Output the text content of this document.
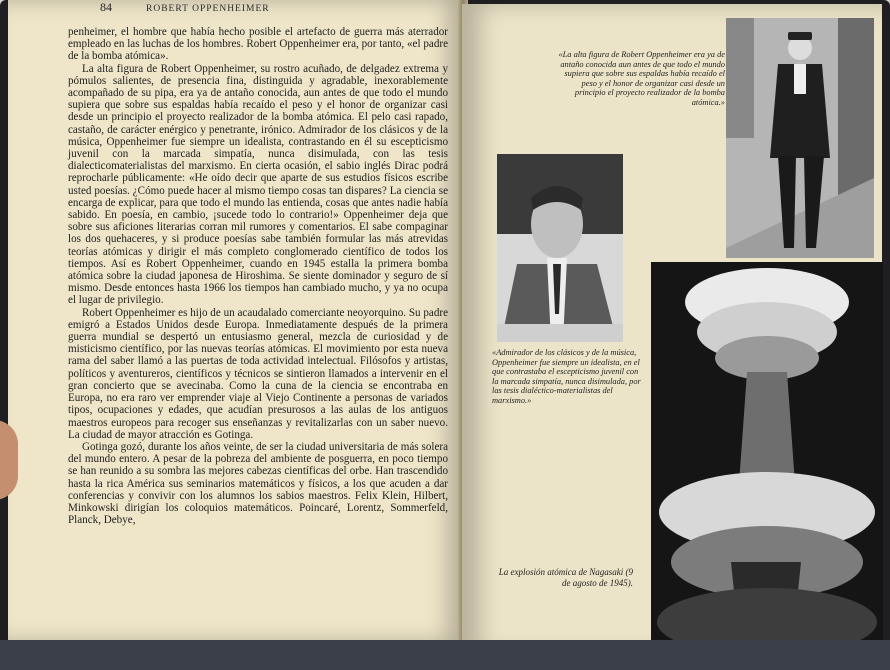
84	ROBERT OPPENHEIMER

penheimer, el hombre que había hecho posible el artefacto de guerra más aterrador empleado en las luchas de los hombres. Robert Oppenheimer era, por tanto, «el padre de la bomba atómica».

La alta figura de Robert Oppenheimer, su rostro acuñado, de delgadez extrema y pómulos salientes, de presencia fina, distinguida y agradable, inexorablemente acompañado de su pipa, era ya de antaño conocida, aun antes de que todo el mundo supiera que sobre sus espaldas había recaído el peso y el honor de organizar casi desde un principio el proyecto realizador de la bomba atómica. El pelo casi rapado, castaño, de carácter enérgico y penetrante, irónico. Admirador de los clásicos y de la música, Oppenheimer fue siempre un idealista, contrastando en él su escepticismo juvenil con la marcada simpatía, nunca disimulada, con las tesis dialecticomaterialistas del marxismo. En cierta ocasión, el sabio inglés Dirac podrá reprocharle públicamente: «He oído decir que aparte de sus estudios físicos escribe usted poesías. ¿Cómo puede hacer al mismo tiempo cosas tan dispares? La ciencia se encarga de explicar, para que todo el mundo las entienda, cosas que antes nadie había sabido. En poesía, en cambio, ¡sucede todo lo contrario!» Oppenheimer deja que sobre sus aficiones literarias corran mil rumores y comentarios. El sabe compaginar los dos quehaceres, y si produce poesías sabe también formular las más atrevidas teorías atómicas y dirigir el más completo conglomerado científico de todos los tiempos. Así es Robert Oppenheimer, cuando en 1945 estalla la primera bomba atómica sobre la ciudad japonesa de Hiroshima. Se siente dominador y seguro de sí mismo. Desde entonces hasta 1966 los tiempos han cambiado mucho, y ya no ocupa el lugar de privilegio.

Robert Oppenheimer es hijo de un acaudalado comerciante neoyorquino. Su padre emigró a Estados Unidos desde Europa. Inmediatamente después de la primera guerra mundial se despertó un entusiasmo general, mezcla de curiosidad y de misticismo científico, por las nuevas teorías atómicas. El movimiento por esta nueva rama del saber llamó a las puertas de toda actividad intelectual. Filósofos y artistas, políticos y aventureros, científicos y técnicos se sintieron llamados a intervenir en el gran concierto que se avecinaba. Como la cuna de la ciencia se encontraba en Europa, no era raro ver emprender viaje al Viejo Continente a personas de variados tipos, ocupaciones y edades, que acudían presurosos a las aulas de los antiguos maestros europeos para recoger sus enseñanzas y revitalizarlas con un saber nuevo. La ciudad de mayor atracción es Gotinga.

Gotinga gozó, durante los años veinte, de ser la ciudad universitaria de más solera del mundo entero. A pesar de la pobreza del ambiente de posguerra, en poco tiempo se han reunido a su sombra las mejores cabezas científicas del orbe. Han trascendido hasta la rica América sus seminarios matemáticos y físicos, a los que acuden a dar conferencias y convivir con los alumnos los sabios maestros. Felix Klein, Hilbert, Minkowski dirigían los coloquios matemáticos. Poincaré, Lorentz, Sommerfeld, Planck, Debye,

«La alta figura de Robert Oppenheimer era ya de antaño conocida aun antes de que todo el mundo supiera que sobre sus espaldas había recaído el peso y el honor de organizar casi desde un principio el proyecto realizador de la bomba atómica.»
«Admirador de los clásicos y de la música, Oppenheimer fue siempre un idealista, en el que contrastaba el escepticismo juvenil con la marcada simpatía, nunca disimulada, por las tesis dialéctico-materialistas del marxismo.»
La explosión atómica de Nagasaki (9 de agosto de 1945).
